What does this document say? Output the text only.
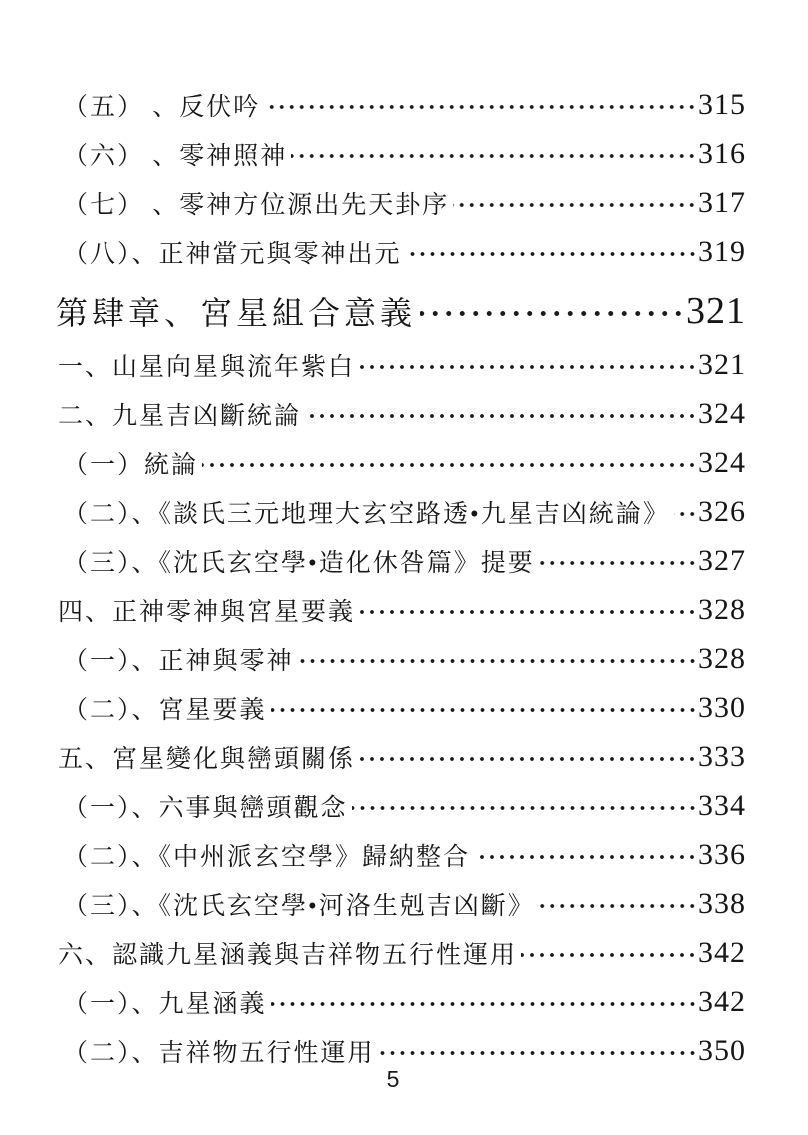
（五） 、反伏吟	315
（六） 、零神照神	316
（七） 、零神方位源出先天卦序	317
（八）、正神當元與零神出元	319
第肆章、宮星組合意義	321
一、山星向星與流年紫白	321
二、九星吉凶斷統論	324
（一）統論	324
（二）、《談氏三元地理大玄空路透•九星吉凶統論》 326
（三）、《沈氏玄空學•造化休咎篇》提要	327
四、正神零神與宮星要義	328
（一）、正神與零神	328
（二）、宮星要義	330
五、宮星變化與巒頭關係	333
（一）、六事與巒頭觀念	334
（二）、《中州派玄空學》歸納整合	336
（三）、《沈氏玄空學•河洛生剋吉凶斷》	338
六、認識九星涵義與吉祥物五行性運用	342
（一）、九星涵義	342
（二）、吉祥物五行性運用	350
5
